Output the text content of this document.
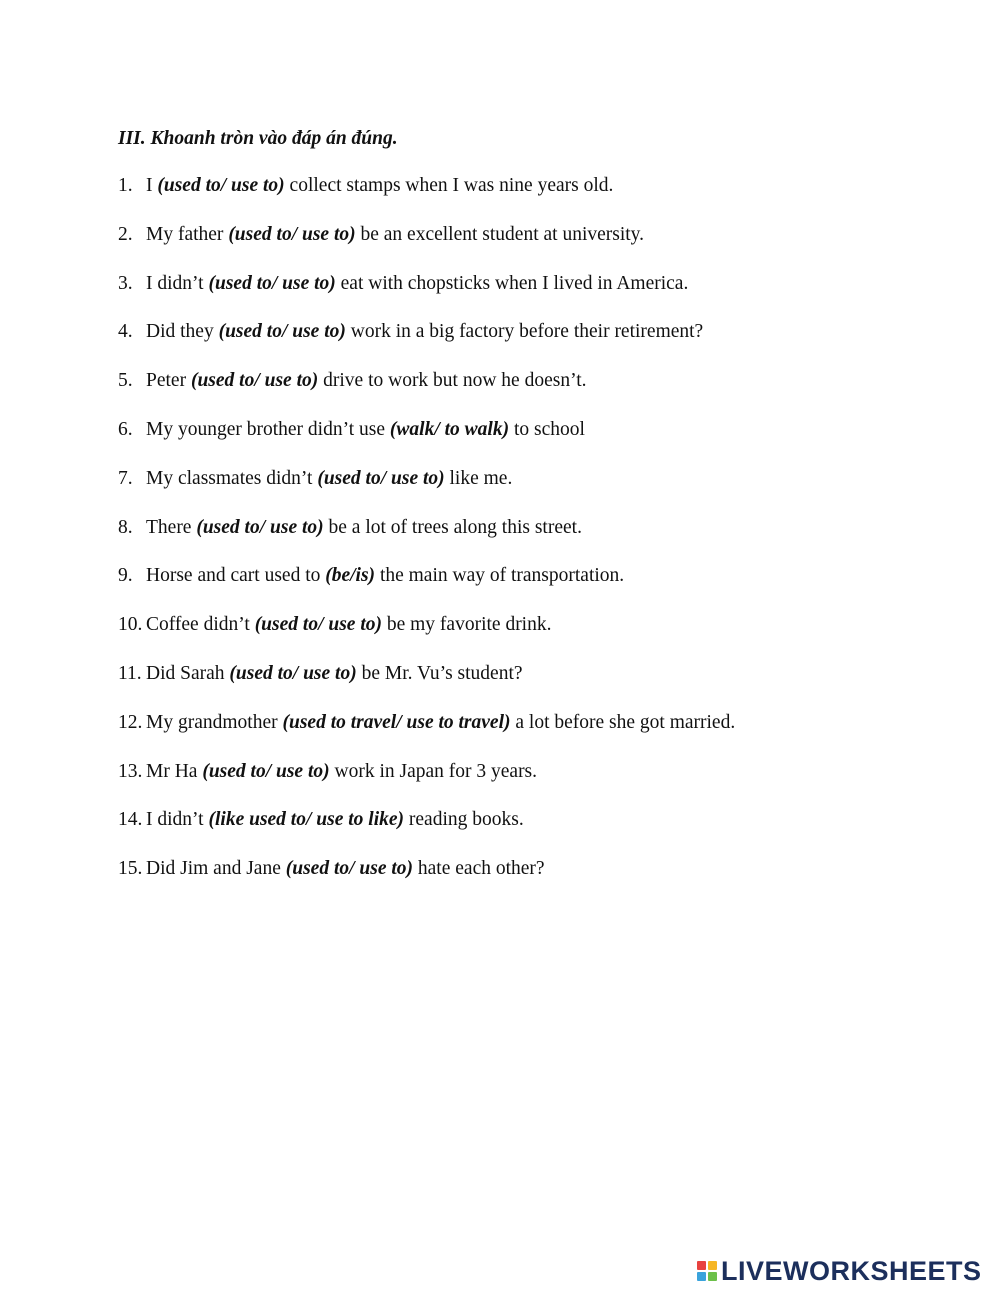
III. Khoanh tròn vào đáp án đúng.
1. I (used to/ use to) collect stamps when I was nine years old.
2. My father (used to/ use to) be an excellent student at university.
3. I didn’t (used to/ use to) eat with chopsticks when I lived in America.
4. Did they (used to/ use to) work in a big factory before their retirement?
5. Peter (used to/ use to) drive to work but now he doesn’t.
6. My younger brother didn’t use (walk/ to walk) to school
7. My classmates didn’t (used to/ use to) like me.
8. There (used to/ use to) be a lot of trees along this street.
9. Horse and cart used to (be/is) the main way of transportation.
10. Coffee didn’t (used to/ use to) be my favorite drink.
11. Did Sarah (used to/ use to) be Mr. Vu’s student?
12. My grandmother (used to travel/ use to travel) a lot before she got married.
13. Mr Ha (used to/ use to) work in Japan for 3 years.
14. I didn’t (like used to/ use to like) reading books.
15. Did Jim and Jane (used to/ use to) hate each other?
LIVEWORKSHEETS
